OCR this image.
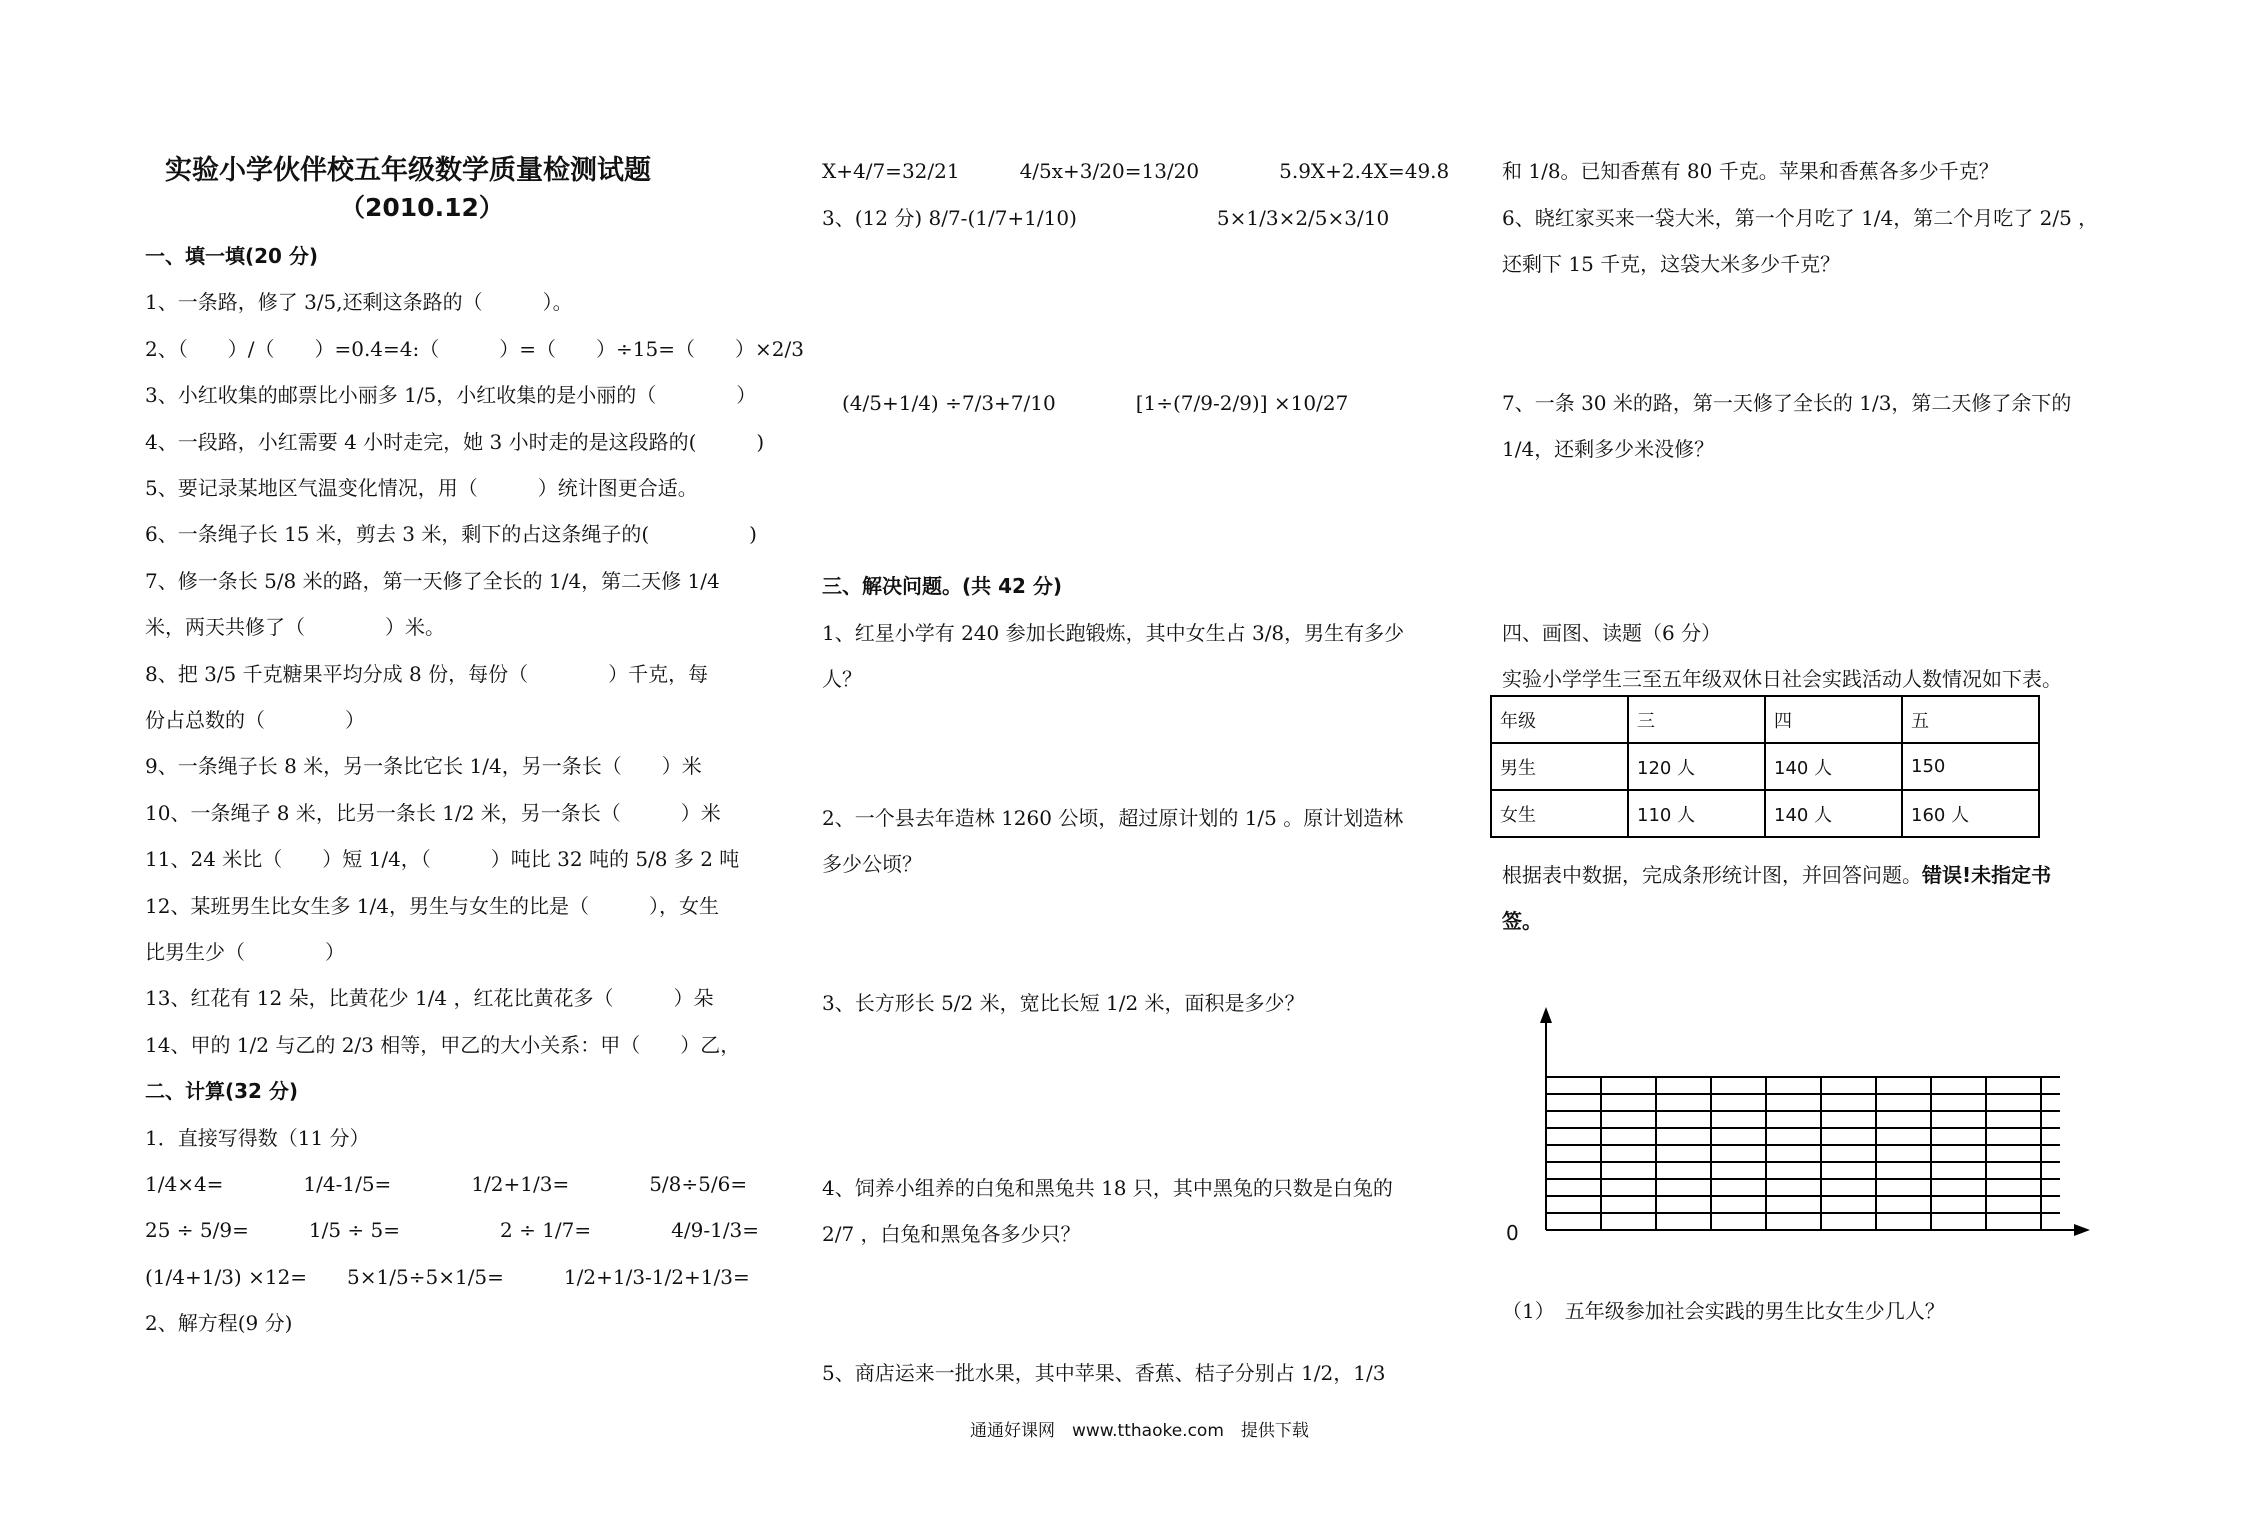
实验小学伙伴校五年级数学质量检测试题
（2010.12）
一、填一填(20 分)
1、一条路，修了 3/5,还剩这条路的（　　　）。
2、（　　）/（　　）=0.4=4:（　　　）=（　　）÷15=（　　）×2/3
3、小红收集的邮票比小丽多 1/5，小红收集的是小丽的（　　　　）
4、一段路，小红需要 4 小时走完，她 3 小时走的是这段路的(　　　)
5、要记录某地区气温变化情况，用（　　　）统计图更合适。
6、一条绳子长 15 米，剪去 3 米，剩下的占这条绳子的(　　　　　)
7、修一条长 5/8 米的路，第一天修了全长的 1/4，第二天修 1/4
米，两天共修了（　　　　）米。
8、把 3/5 千克糖果平均分成 8 份，每份（　　　　）千克，每
份占总数的（　　　　）
9、一条绳子长 8 米，另一条比它长 1/4，另一条长（　　）米
10、一条绳子 8 米，比另一条长 1/2 米，另一条长（　　　）米
11、24 米比（　　）短 1/4，（　　　）吨比 32 吨的 5/8 多 2 吨
12、某班男生比女生多 1/4，男生与女生的比是（　　　），女生
比男生少（　　　　）
13、红花有 12 朵，比黄花少 1/4 ，红花比黄花多（　　　）朵
14、甲的 1/2 与乙的 2/3 相等，甲乙的大小关系：甲（　　）乙，
二、计算(32 分)
1．直接写得数（11 分）
1/4×4=　　　　1/4-1/5=　　　　1/2+1/3=　　　　5/8÷5/6=
25 ÷ 5/9=　　　1/5 ÷ 5=　　　　　2 ÷ 1/7=　　　　4/9-1/3=
(1/4+1/3) ×12=　　5×1/5÷5×1/5=　　　1/2+1/3-1/2+1/3=
2、解方程(9 分)
X+4/7=32/21　　　4/5x+3/20=13/20　　　　5.9X+2.4X=49.8
3、(12 分) 8/7-(1/7+1/10)　　　　　　　5×1/3×2/5×3/10
　(4/5+1/4) ÷7/3+7/10　　　　[1÷(7/9-2/9)] ×10/27
三、解决问题。(共 42 分)
1、红星小学有 240 参加长跑锻炼，其中女生占 3/8，男生有多少
人？
2、一个县去年造林 1260 公顷，超过原计划的 1/5 。原计划造林
多少公顷？
3、长方形长 5/2 米，宽比长短 1/2 米，面积是多少？
4、饲养小组养的白兔和黑兔共 18 只，其中黑兔的只数是白兔的
2/7 ，白兔和黑兔各多少只？
5、商店运来一批水果，其中苹果、香蕉、桔子分别占 1/2，1/3
和 1/8。已知香蕉有 80 千克。苹果和香蕉各多少千克？
6、晓红家买来一袋大米，第一个月吃了 1/4，第二个月吃了 2/5 ，
还剩下 15 千克，这袋大米多少千克？
7、一条 30 米的路，第一天修了全长的 1/3，第二天修了余下的
1/4，还剩多少米没修？
四、画图、读题（6 分）
实验小学学生三至五年级双休日社会实践活动人数情况如下表。
年级	三	四	五
男生	120 人	140 人	150
女生	110 人	140 人	160 人
根据表中数据，完成条形统计图，并回答问题。错误!未指定书
签。
0
（1）　五年级参加社会实践的男生比女生少几人？
通通好课网　www.tthaoke.com　提供下载
